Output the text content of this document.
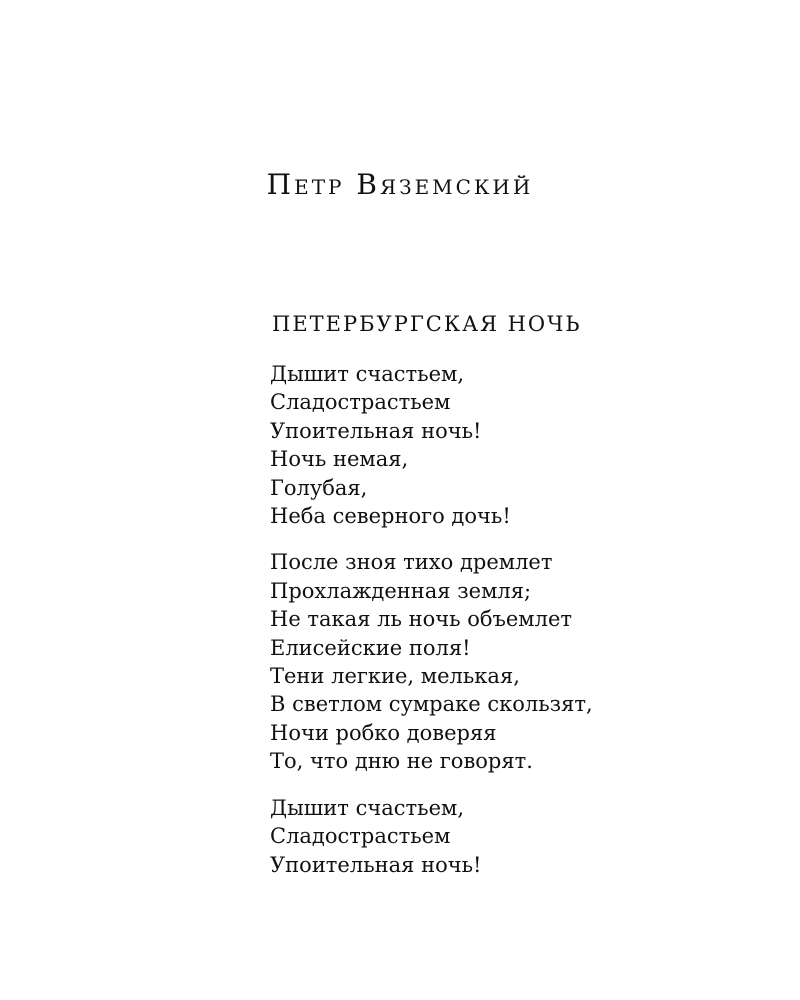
Петр Вяземский
ПЕТЕРБУРГСКАЯ НОЧЬ
Дышит счастьем,
Сладострастьем
Упоительная ночь!
Ночь немая,
Голубая,
Неба северного дочь!
После зноя тихо дремлет
Прохлажденная земля;
Не такая ль ночь объемлет
Елисейские поля!
Тени легкие, мелькая,
В светлом сумраке скользят,
Ночи робко доверяя
То, что дню не говорят.
Дышит счастьем,
Сладострастьем
Упоительная ночь!
